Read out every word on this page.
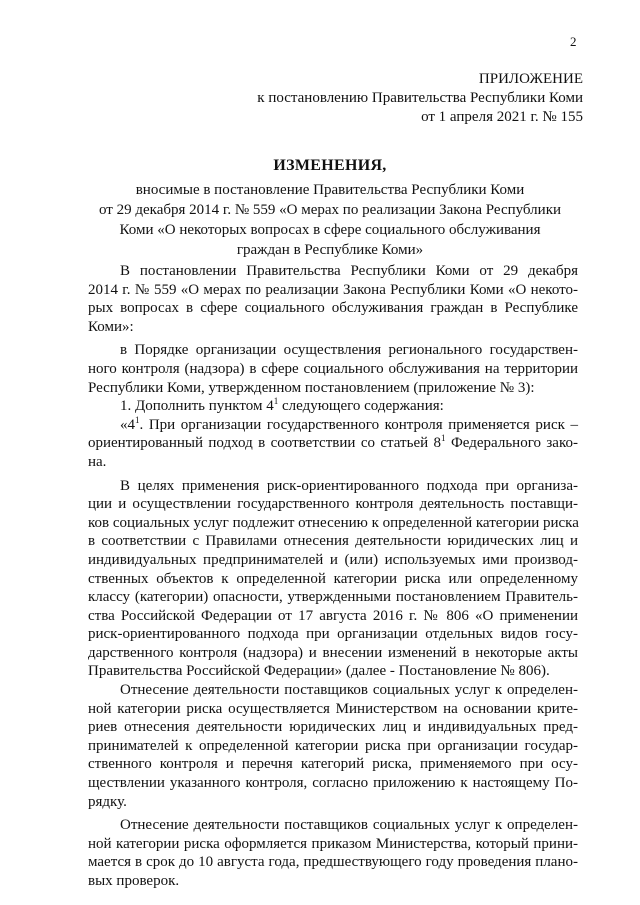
2
ПРИЛОЖЕНИЕ
к постановлению Правительства Республики Коми
от 1 апреля 2021 г. № 155
ИЗМЕНЕНИЯ,
вносимые в постановление Правительства Республики Коми
от 29 декабря 2014 г. № 559 «О мерах по реализации Закона Республики
Коми «О некоторых вопросах в сфере социального обслуживания
граждан в Республике Коми»
В постановлении Правительства Республики Коми от 29 декабря
2014 г. № 559 «О мерах по реализации Закона Республики Коми «О некото-
рых вопросах в сфере социального обслуживания граждан в Республике
Коми»:
в Порядке организации осуществления регионального государствен-
ного контроля (надзора) в сфере социального обслуживания на территории
Республики Коми, утвержденном постановлением (приложение № 3):
1. Дополнить пунктом $4^1$ следующего содержания:
«$4^1$. При организации государственного контроля применяется риск –
ориентированный подход в соответствии со статьей $8^1$ Федерального зако-
на.
В целях применения риск-ориентированного подхода при организа-
ции и осуществлении государственного контроля деятельность поставщи-
ков социальных услуг подлежит отнесению к определенной категории риска
в соответствии с Правилами отнесения деятельности юридических лиц и
индивидуальных предпринимателей и (или) используемых ими производ-
ственных объектов к определенной категории риска или определенному
классу (категории) опасности, утвержденными постановлением Правитель-
ства Российской Федерации от 17 августа 2016 г. № 806 «О применении
риск-ориентированного подхода при организации отдельных видов госу-
дарственного контроля (надзора) и внесении изменений в некоторые акты
Правительства Российской Федерации» (далее - Постановление № 806).
Отнесение деятельности поставщиков социальных услуг к определен-
ной категории риска осуществляется Министерством на основании крите-
риев отнесения деятельности юридических лиц и индивидуальных пред-
принимателей к определенной категории риска при организации государ-
ственного контроля и перечня категорий риска, применяемого при осу-
ществлении указанного контроля, согласно приложению к настоящему По-
рядку.
Отнесение деятельности поставщиков социальных услуг к определен-
ной категории риска оформляется приказом Министерства, который прини-
мается в срок до 10 августа года, предшествующего году проведения плано-
вых проверок.
